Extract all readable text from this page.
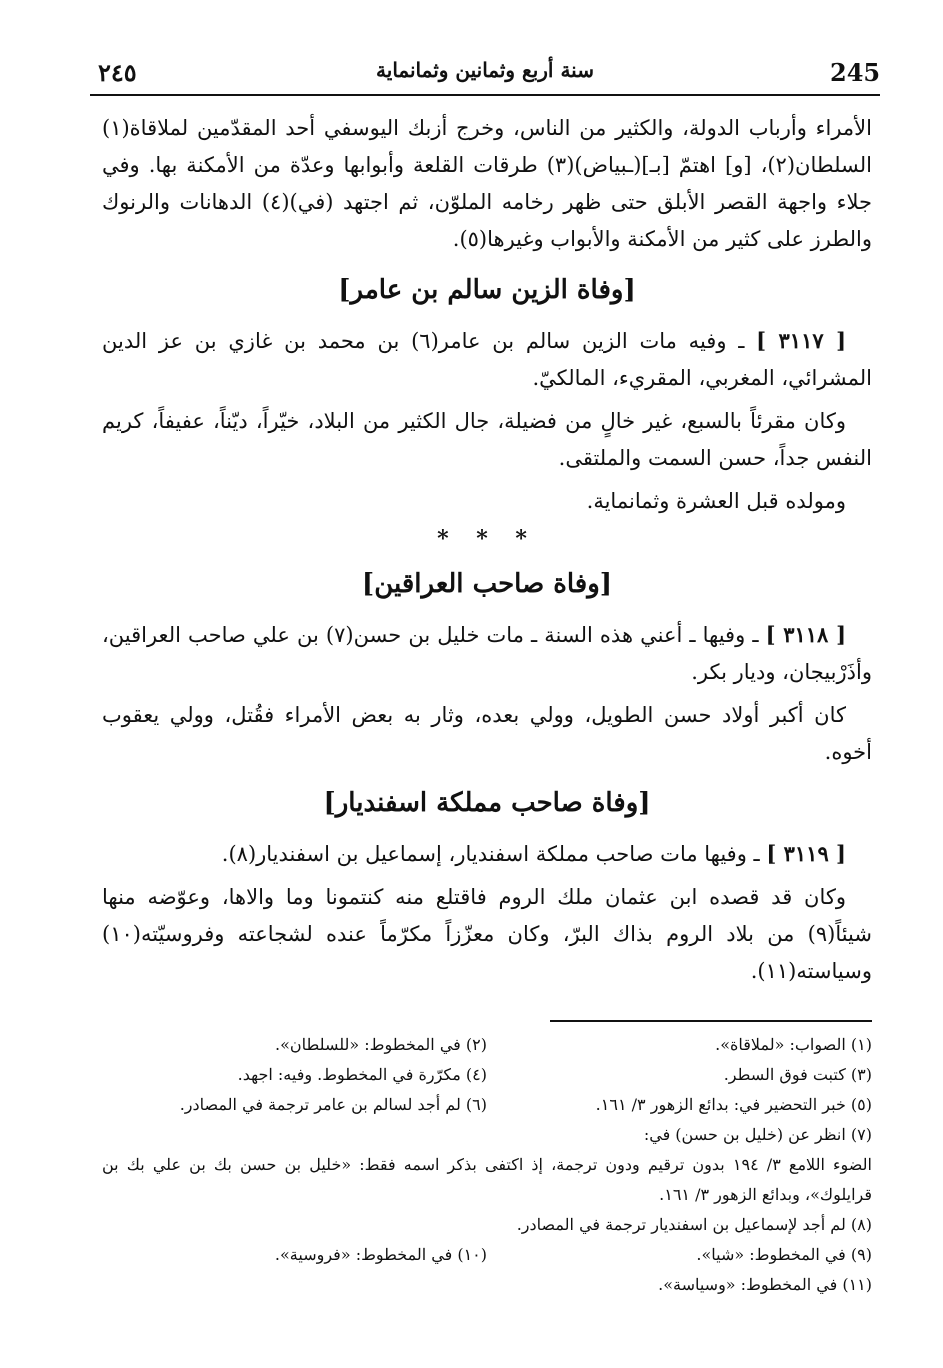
245
سنة أربع وثمانين وثمانماية
٢٤٥

الأمراء وأرباب الدولة، والكثير من الناس، وخرج أزبك اليوسفي أحد المقدّمين لملاقاة(١) السلطان(٢)، [و] اهتمّ [بـ](ـبياض)(٣) طرقات القلعة وأبوابها وعدّة من الأمكنة بها. وفي جلاء واجهة القصر الأبلق حتى ظهر رخامه الملوّن، ثم اجتهد (في)(٤) الدهانات والرنوك والطرز على كثير من الأمكنة والأبواب وغيرها(٥).

[وفاة الزين سالم بن عامر]

[ ٣١١٧ ] ـ وفيه مات الزين سالم بن عامر(٦) بن محمد بن غازي بن عز الدين المشرائي، المغربي، المقريء، المالكيّ.

وكان مقرئاً بالسبع، غير خالٍ من فضيلة، جال الكثير من البلاد، خيّراً، ديّناً، عفيفاً، كريم النفس جداً، حسن السمت والملتقى.

ومولده قبل العشرة وثمانماية.

* * *
[وفاة صاحب العراقين]

[ ٣١١٨ ] ـ وفيها ـ أعني هذه السنة ـ مات خليل بن حسن(٧) بن علي صاحب العراقين، وأذَرْبيجان، وديار بكر.

كان أكبر أولاد حسن الطويل، وولي بعده، وثار به بعض الأمراء فقُتل، وولي يعقوب أخوه.

[وفاة صاحب مملكة اسفنديار]

[ ٣١١٩ ] ـ وفيها مات صاحب مملكة اسفنديار، إسماعيل بن اسفنديار(٨).

وكان قد قصده ابن عثمان ملك الروم فاقتلع منه كنتمونا وما والاها، وعوّضه منها شيئاً(٩) من بلاد الروم بذاك البرّ، وكان معزّزاً مكرّماً عنده لشجاعته وفروسيّته(١٠) وسياسته(١١).

(١) الصواب: «لملاقاة».
(٢) في المخطوط: «للسلطان».
(٣) كتبت فوق السطر.
(٤) مكرّرة في المخطوط. وفيه: اجهد.
(٥) خبر التحضير في: بدائع الزهور ٣/ ١٦١.
(٦) لم أجد لسالم بن عامر ترجمة في المصادر.
(٧) انظر عن (خليل بن حسن) في:
الضوء اللامع ٣/ ١٩٤ بدون ترقيم ودون ترجمة، إذ اكتفى بذكر اسمه فقط: «خليل بن حسن بك بن علي بك بن قرايلوك»، وبدائع الزهور ٣/ ١٦١.
(٨) لم أجد لإسماعيل بن اسفنديار ترجمة في المصادر.
(٩) في المخطوط: «شيا».
(١٠) في المخطوط: «فروسية».
(١١) في المخطوط: «وسياسة».
